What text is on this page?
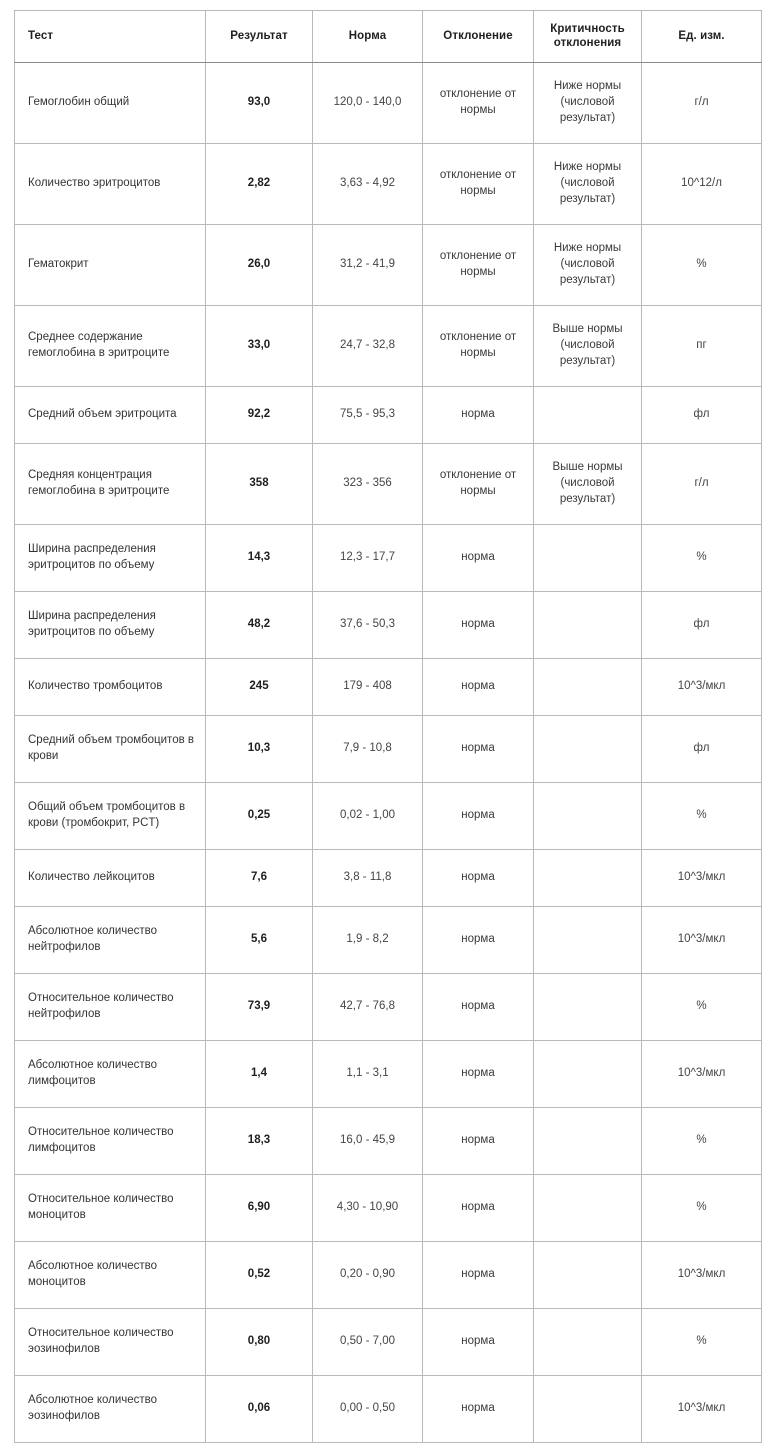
Тест	Результат	Норма	Отклонение	Критичность отклонения	Ед. изм.
Гемоглобин общий	93,0	120,0 - 140,0	отклонение от нормы	Ниже нормы (числовой результат)	г/л
Количество эритроцитов	2,82	3,63 - 4,92	отклонение от нормы	Ниже нормы (числовой результат)	10^12/л
Гематокрит	26,0	31,2 - 41,9	отклонение от нормы	Ниже нормы (числовой результат)	%
Среднее содержание гемоглобина в эритроците	33,0	24,7 - 32,8	отклонение от нормы	Выше нормы (числовой результат)	пг
Средний объем эритроцита	92,2	75,5 - 95,3	норма		фл
Средняя концентрация гемоглобина в эритроците	358	323 - 356	отклонение от нормы	Выше нормы (числовой результат)	г/л
Ширина распределения эритроцитов по объему	14,3	12,3 - 17,7	норма		%
Ширина распределения эритроцитов по объему	48,2	37,6 - 50,3	норма		фл
Количество тромбоцитов	245	179 - 408	норма		10^3/мкл
Средний объем тромбоцитов в крови	10,3	7,9 - 10,8	норма		фл
Общий объем тромбоцитов в крови (тромбокрит, PCT)	0,25	0,02 - 1,00	норма		%
Количество лейкоцитов	7,6	3,8 - 11,8	норма		10^3/мкл
Абсолютное количество нейтрофилов	5,6	1,9 - 8,2	норма		10^3/мкл
Относительное количество нейтрофилов	73,9	42,7 - 76,8	норма		%
Абсолютное количество лимфоцитов	1,4	1,1 - 3,1	норма		10^3/мкл
Относительное количество лимфоцитов	18,3	16,0 - 45,9	норма		%
Относительное количество моноцитов	6,90	4,30 - 10,90	норма		%
Абсолютное количество моноцитов	0,52	0,20 - 0,90	норма		10^3/мкл
Относительное количество эозинофилов	0,80	0,50 - 7,00	норма		%
Абсолютное количество эозинофилов	0,06	0,00 - 0,50	норма		10^3/мкл
